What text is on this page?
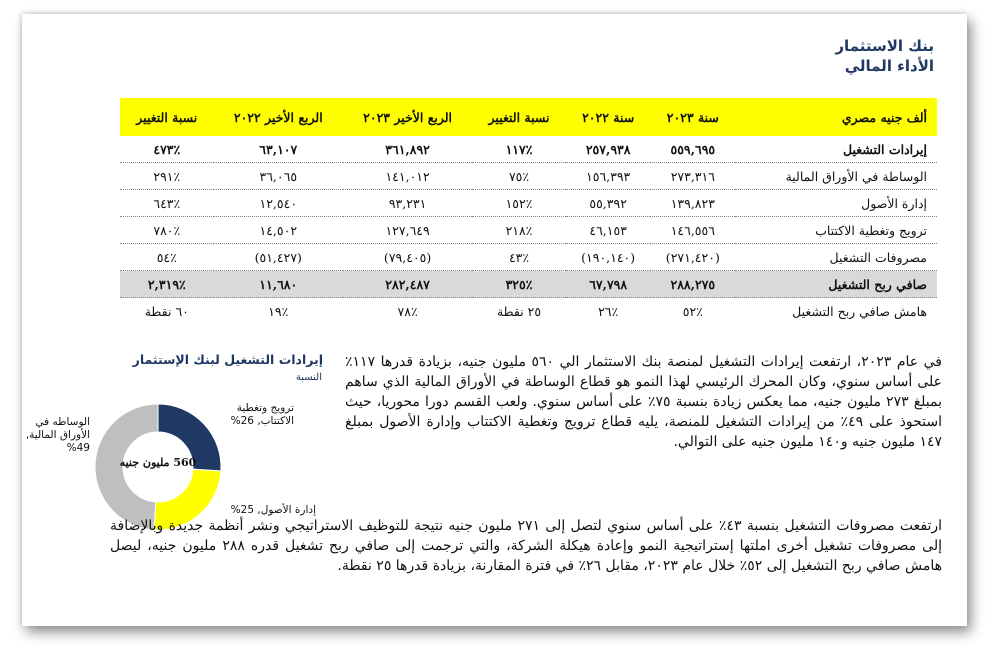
بنك الاستثمار
الأداء المالي
ألف جنيه مصري	سنة ٢٠٢٣	سنة ٢٠٢٢	نسبة التغيير	الربع الأخير ٢٠٢٣	الربع الأخير ٢٠٢٢	نسبة التغيير
إيرادات التشغيل	٥٥٩,٦٩٥	٢٥٧,٩٣٨	٪١١٧	٣٦١,٨٩٢	٦٣,١٠٧	٪٤٧٣
الوساطة في الأوراق المالية	٢٧٣,٣١٦	١٥٦,٣٩٣	٪٧٥	١٤١,٠١٢	٣٦,٠٦٥	٪٢٩١
إدارة الأصول	١٣٩,٨٢٣	٥٥,٣٩٢	٪١٥٢	٩٣,٢٣١	١٢,٥٤٠	٪٦٤٣
ترويج وتغطية الاكتتاب	١٤٦,٥٥٦	٤٦,١٥٣	٪٢١٨	١٢٧,٦٤٩	١٤,٥٠٢	٪٧٨٠
مصروفات التشغيل	(٢٧١,٤٢٠)	(١٩٠,١٤٠)	٪٤٣	(٧٩,٤٠٥)	(٥١,٤٢٧)	٪٥٤
صافي ربح التشغيل	٢٨٨,٢٧٥	٦٧,٧٩٨	٪٣٢٥	٢٨٢,٤٨٧	١١,٦٨٠	٪٢,٣١٩
هامش صافي ربح التشغيل	٪٥٢	٪٢٦	٢٥ نقطة	٪٧٨	٪١٩	٦٠ نقطة
إيرادات التشغيل لبنك الإستثمار
النسبة
560 مليون جنيه
ترويج وتغطية الاكتتاب, 26%
الوساطه في الأوراق المالية, 49%
إدارة الأصول, 25%
في عام ٢٠٢٣، ارتفعت إيرادات التشغيل لمنصة بنك الاستثمار الي ٥٦٠ مليون جنيه، بزيادة قدرها ١١٧٪ على أساس سنوي، وكان المحرك الرئيسي لهذا النمو هو قطاع الوساطة في الأوراق المالية الذي ساهم بمبلغ ٢٧٣ مليون جنيه، مما يعكس زيادة بنسبة ٧٥٪ على أساس سنوي. ولعب القسم دورا محوريا، حيث استحوذ على ٤٩٪ من إيرادات التشغيل للمنصة، يليه قطاع ترويج وتغطية الاكتتاب وإدارة الأصول بمبلغ ١٤٧ مليون جنيه و١٤٠ مليون جنيه على التوالي.
ارتفعت مصروفات التشغيل بنسبة ٤٣٪ على أساس سنوي لتصل إلى ٢٧١ مليون جنيه نتيجة للتوظيف الاستراتيجي ونشر أنظمة جديدة وبالإضافة إلى مصروفات تشغيل أخرى املتها إستراتيجية النمو وإعادة هيكلة الشركة، والتي ترجمت إلى صافي ربح تشغيل قدره ٢٨٨ مليون جنيه، ليصل هامش صافي ربح التشغيل إلى ٥٢٪ خلال عام ٢٠٢٣، مقابل ٢٦٪ في فترة المقارنة، بزيادة قدرها ٢٥ نقطة.
